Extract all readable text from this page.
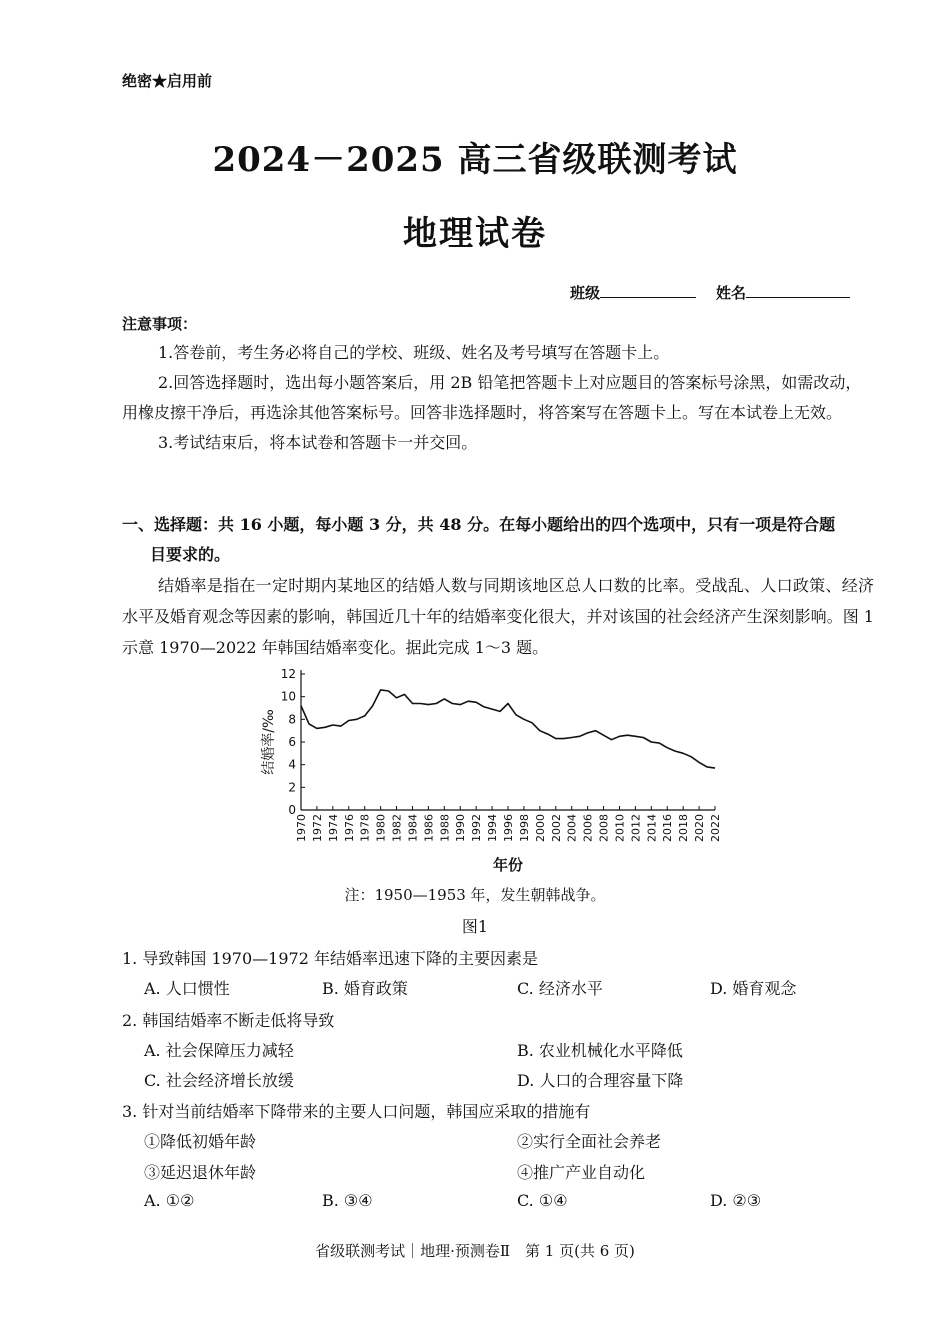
绝密★启用前
2024－2025 高三省级联测考试
地理试卷
班级	姓名
注意事项：
1.答卷前，考生务必将自己的学校、班级、姓名及考号填写在答题卡上。
2.回答选择题时，选出每小题答案后，用 2B 铅笔把答题卡上对应题目的答案标号涂黑，如需改动，用橡皮擦干净后，再选涂其他答案标号。回答非选择题时，将答案写在答题卡上。写在本试卷上无效。
3.考试结束后，将本试卷和答题卡一并交回。
一、选择题：共 16 小题，每小题 3 分，共 48 分。在每小题给出的四个选项中，只有一项是符合题
目要求的。
结婚率是指在一定时期内某地区的结婚人数与同期该地区总人口数的比率。受战乱、人口政策、经济水平及婚育观念等因素的影响，韩国近几十年的结婚率变化很大，并对该国的社会经济产生深刻影响。图 1 示意 1970—2022 年韩国结婚率变化。据此完成 1～3 题。
0
2
4
6
8
10
12
1970 1972 1974 1976 1978 1980 1982 1984 1986 1988 1990 1992 1994 1996 1998 2000 2002 2004 2006 2008 2010 2012 2014 2016 2018 2020 2022
结婚率/‰
年份
注：1950—1953 年，发生朝韩战争。
图1
1. 导致韩国 1970—1972 年结婚率迅速下降的主要因素是
A. 人口惯性	B. 婚育政策	C. 经济水平	D. 婚育观念
2. 韩国结婚率不断走低将导致
A. 社会保障压力减轻	B. 农业机械化水平降低
C. 社会经济增长放缓	D. 人口的合理容量下降
3. 针对当前结婚率下降带来的主要人口问题，韩国应采取的措施有
①降低初婚年龄	②实行全面社会养老
③延迟退休年龄	④推广产业自动化
A. ①②	B. ③④	C. ①④	D. ②③
省级联测考试｜地理·预测卷Ⅱ　第 1 页(共 6 页)
